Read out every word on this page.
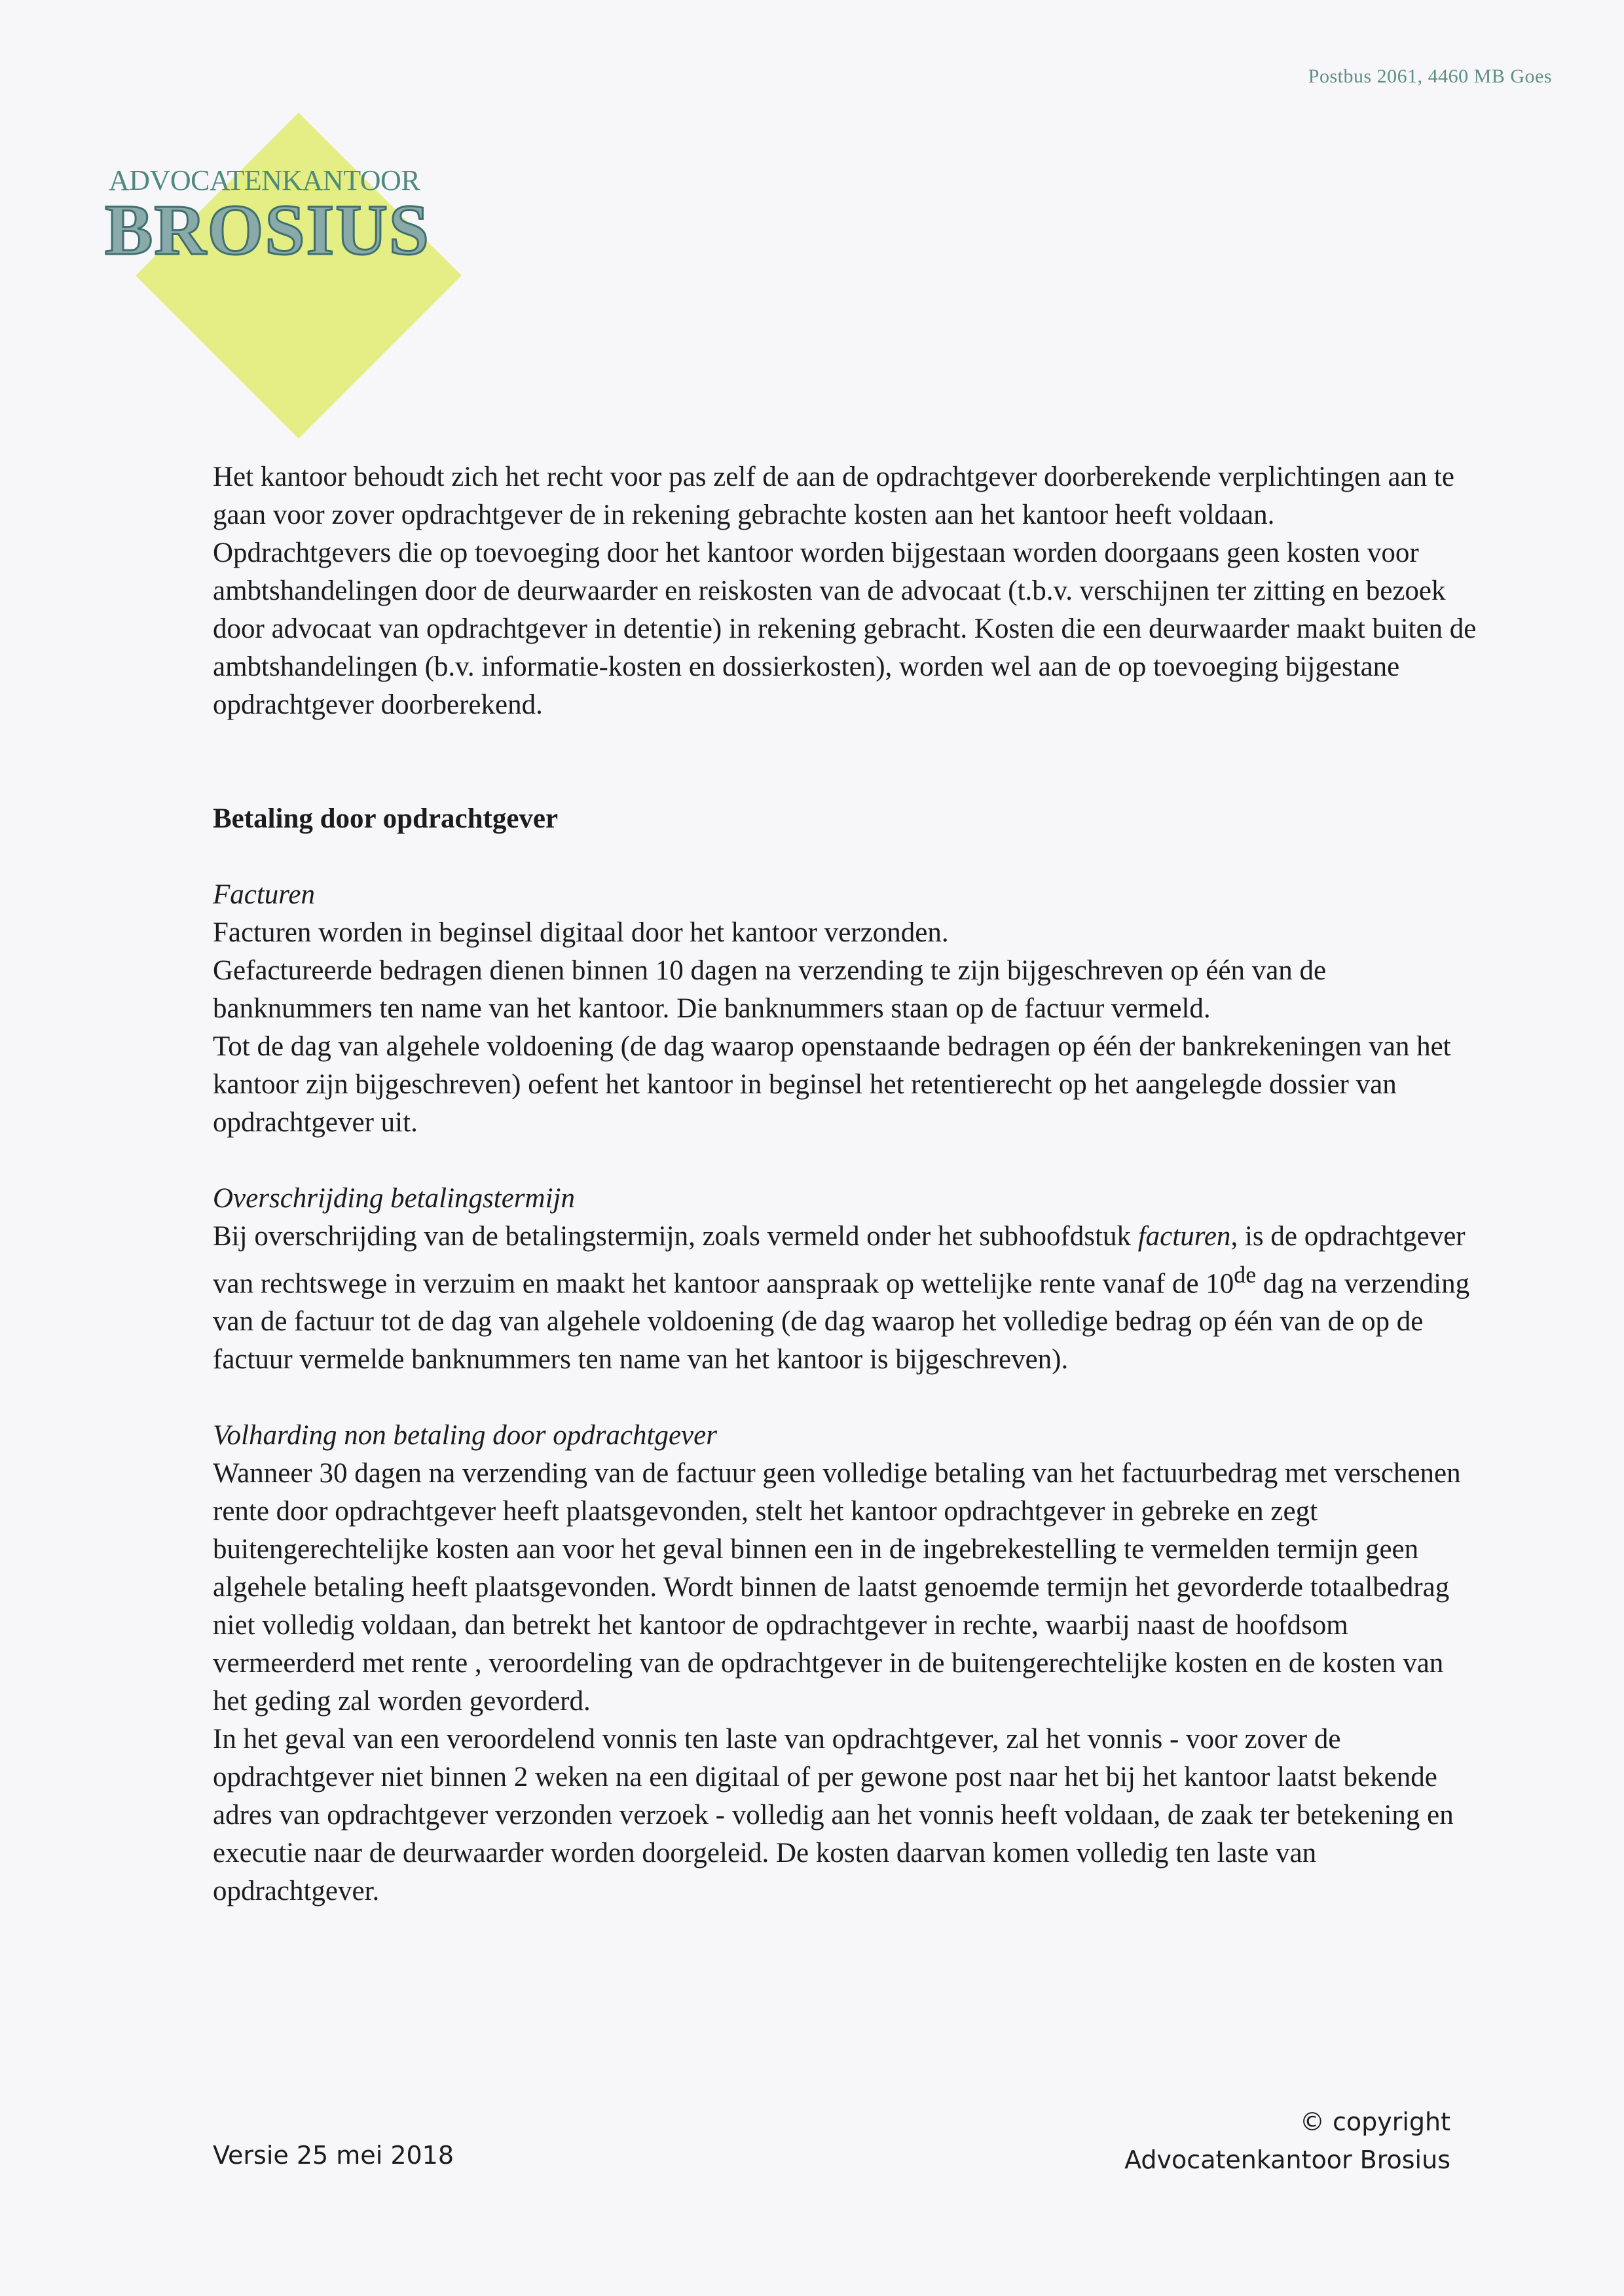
Postbus 2061, 4460 MB Goes
ADVOCATENKANTOOR
BROSIUS

Het kantoor behoudt zich het recht voor pas zelf de aan de opdrachtgever doorberekende verplichtingen aan te gaan voor zover opdrachtgever de in rekening gebrachte kosten aan het kantoor heeft voldaan.

Opdrachtgevers die op toevoeging door het kantoor worden bijgestaan worden doorgaans geen kosten voor ambtshandelingen door de deurwaarder en reiskosten van de advocaat (t.b.v. verschijnen ter zitting en bezoek door advocaat van opdrachtgever in detentie) in rekening gebracht. Kosten die een deurwaarder maakt buiten de ambtshandelingen (b.v. informatie-kosten en dossierkosten), worden wel aan de op toevoeging bijgestane opdrachtgever doorberekend.

Betaling door opdrachtgever

Facturen

Facturen worden in beginsel digitaal door het kantoor verzonden.

Gefactureerde bedragen dienen binnen 10 dagen na verzending te zijn bijgeschreven op één van de banknummers ten name van het kantoor. Die banknummers staan op de factuur vermeld.

Tot de dag van algehele voldoening (de dag waarop openstaande bedragen op één der bankrekeningen van het kantoor zijn bijgeschreven) oefent het kantoor in beginsel het retentierecht op het aangelegde dossier van opdrachtgever uit.

Overschrijding betalingstermijn

Bij overschrijding van de betalingstermijn, zoals vermeld onder het subhoofdstuk facturen, is de opdrachtgever van rechtswege in verzuim en maakt het kantoor aanspraak op wettelijke rente vanaf de 10de dag na verzending van de factuur tot de dag van algehele voldoening (de dag waarop het volledige bedrag op één van de op de factuur vermelde banknummers ten name van het kantoor is bijgeschreven).

Volharding non betaling door opdrachtgever

Wanneer 30 dagen na verzending van de factuur geen volledige betaling van het factuurbedrag met verschenen rente door opdrachtgever heeft plaatsgevonden, stelt het kantoor opdrachtgever in gebreke en zegt buitengerechtelijke kosten aan voor het geval binnen een in de ingebrekestelling te vermelden termijn geen algehele betaling heeft plaatsgevonden. Wordt binnen de laatst genoemde termijn het gevorderde totaalbedrag niet volledig voldaan, dan betrekt het kantoor de opdrachtgever in rechte, waarbij naast de hoofdsom vermeerderd met rente , veroordeling van de opdrachtgever in de buitengerechtelijke kosten en de kosten van het geding zal worden gevorderd.

In het geval van een veroordelend vonnis ten laste van opdrachtgever, zal het vonnis - voor zover de opdrachtgever niet binnen 2 weken na een digitaal of per gewone post naar het bij het kantoor laatst bekende adres van opdrachtgever verzonden verzoek - volledig aan het vonnis heeft voldaan, de zaak ter betekening en executie naar de deurwaarder worden doorgeleid. De kosten daarvan komen volledig ten laste van opdrachtgever.

Versie 25 mei 2018
© copyright
Advocatenkantoor Brosius
